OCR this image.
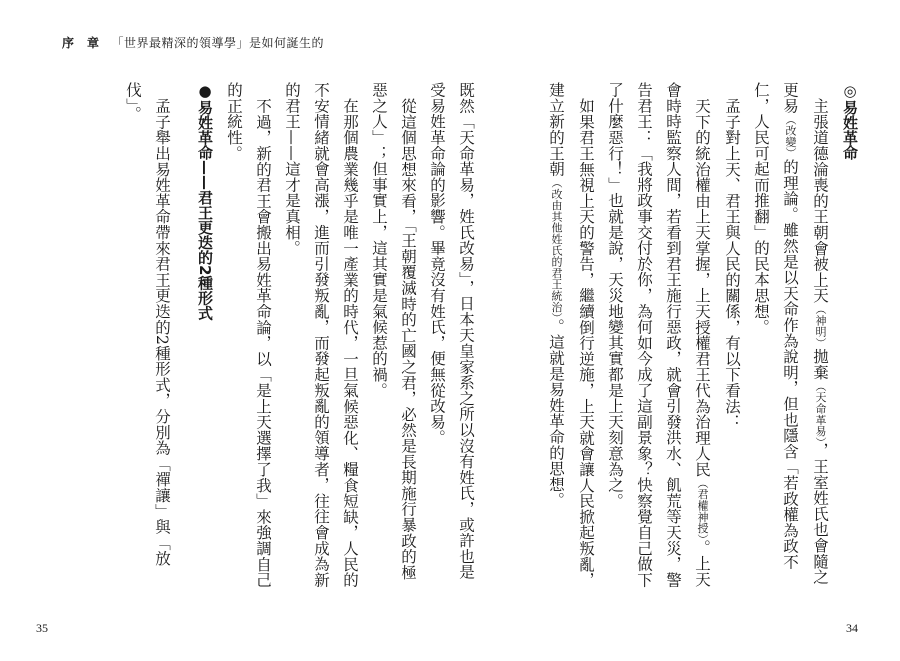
序　章 「世界最精深的領導學」是如何誕生的
◎易姓革命
主張道德淪喪的王朝會被上天（神明）拋棄（天命革易），王室姓氏也會隨之更易（改變）的理論。雖然是以天命作為說明，但也隱含「若政權為政不仁，人民可起而推翻」的民本思想。
孟子對上天、君王與人民的關係，有以下看法：
天下的統治權由上天掌握，上天授權君王代為治理人民（君權神授）。上天會時時監察人間，若看到君王施行惡政，就會引發洪水、飢荒等天災，警告君王：「我將政事交付於你，為何如今成了這副景象？快察覺自己做下了什麼惡行！」也就是說，天災地變其實都是上天刻意為之。
如果君王無視上天的警告，繼續倒行逆施，上天就會讓人民掀起叛亂，建立新的王朝（改由其他姓氏的君王統治）。這就是易姓革命的思想。
既然「天命革易，姓氏改易」，日本天皇家系之所以沒有姓氏，或許也是受易姓革命論的影響。畢竟沒有姓氏，便無從改易。
從這個思想來看，「王朝覆滅時的亡國之君，必然是長期施行暴政的極惡之人」；但事實上，這其實是氣候惹的禍。
在那個農業幾乎是唯一產業的時代，一旦氣候惡化、糧食短缺，人民的不安情緒就會高漲，進而引發叛亂，而發起叛亂的領導者，往往會成為新的君王——這才是真相。
不過，新的君王會搬出易姓革命論，以「是上天選擇了我」來強調自己的正統性。
●易姓革命——君王更迭的2種形式
孟子舉出易姓革命帶來君王更迭的2種形式，分別為「禪讓」與「放伐」。
35	34
